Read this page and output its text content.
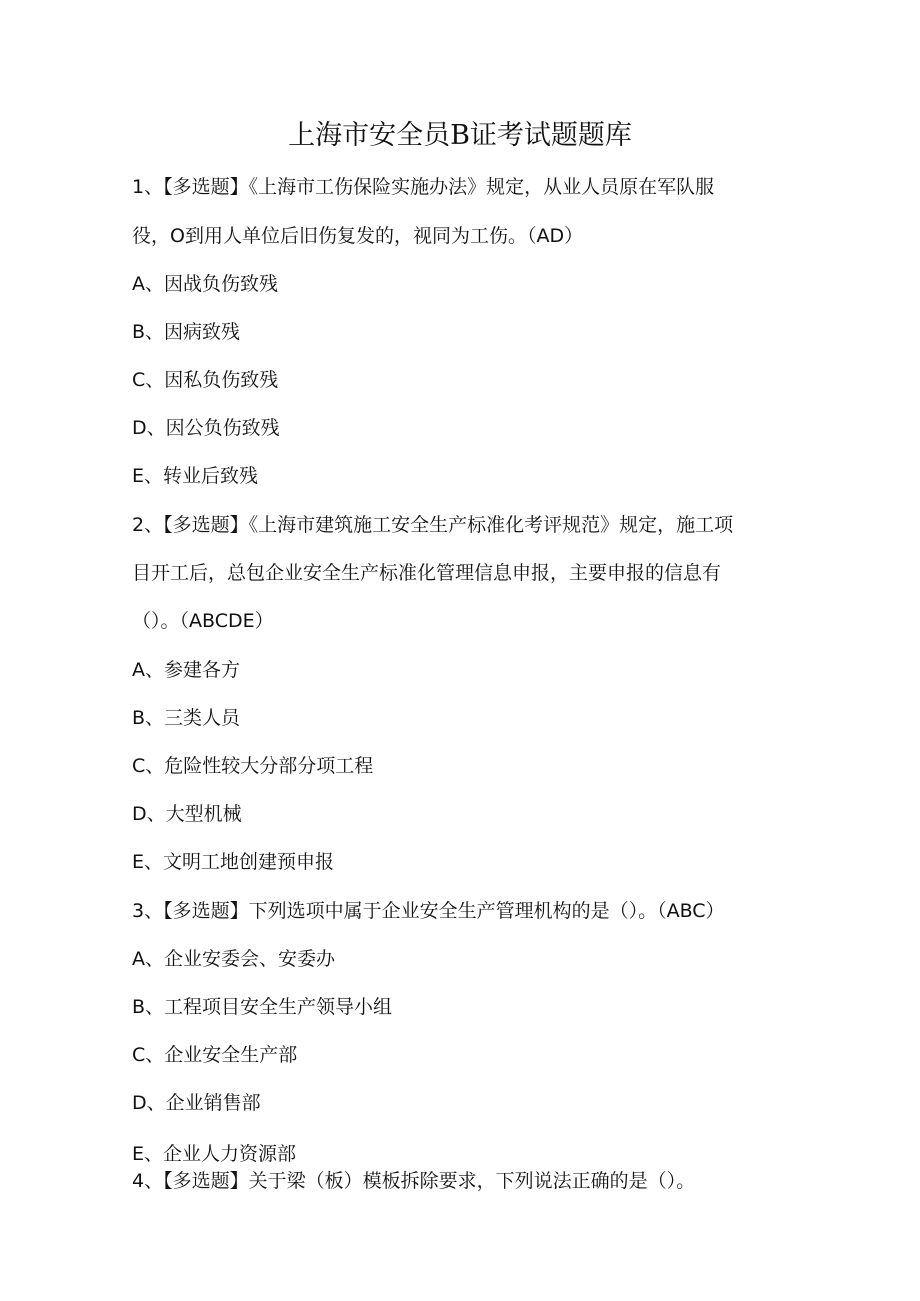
上海市安全员B证考试题题库
1、【多选题】《上海市工伤保险实施办法》规定，从业人员原在军队服
役，O到用人单位后旧伤复发的，视同为工伤。（AD）
A、因战负伤致残
B、因病致残
C、因私负伤致残
D、因公负伤致残
E、转业后致残
2、【多选题】《上海市建筑施工安全生产标准化考评规范》规定，施工项
目开工后，总包企业安全生产标准化管理信息申报，主要申报的信息有
（）。（ABCDE）
A、参建各方
B、三类人员
C、危险性较大分部分项工程
D、大型机械
E、文明工地创建预申报
3、【多选题】下列选项中属于企业安全生产管理机构的是（）。（ABC）
A、企业安委会、安委办
B、工程项目安全生产领导小组
C、企业安全生产部
D、企业销售部
E、企业人力资源部
4、【多选题】关于梁（板）模板拆除要求，下列说法正确的是（）。
